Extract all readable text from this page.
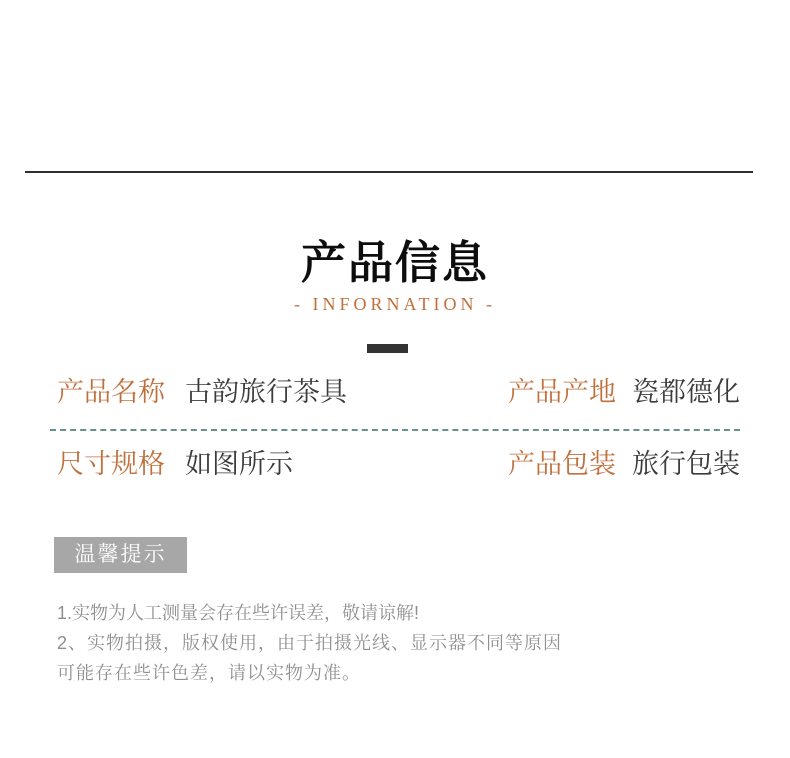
产品信息
- INFORNATION -
产品名称 古韵旅行茶具	产品产地 瓷都德化
尺寸规格 如图所示	产品包装 旅行包装
温馨提示
1.实物为人工测量会存在些许误差，敬请谅解!
2、实物拍摄，版权使用，由于拍摄光线、显示器不同等原因
可能存在些许色差，请以实物为准。
